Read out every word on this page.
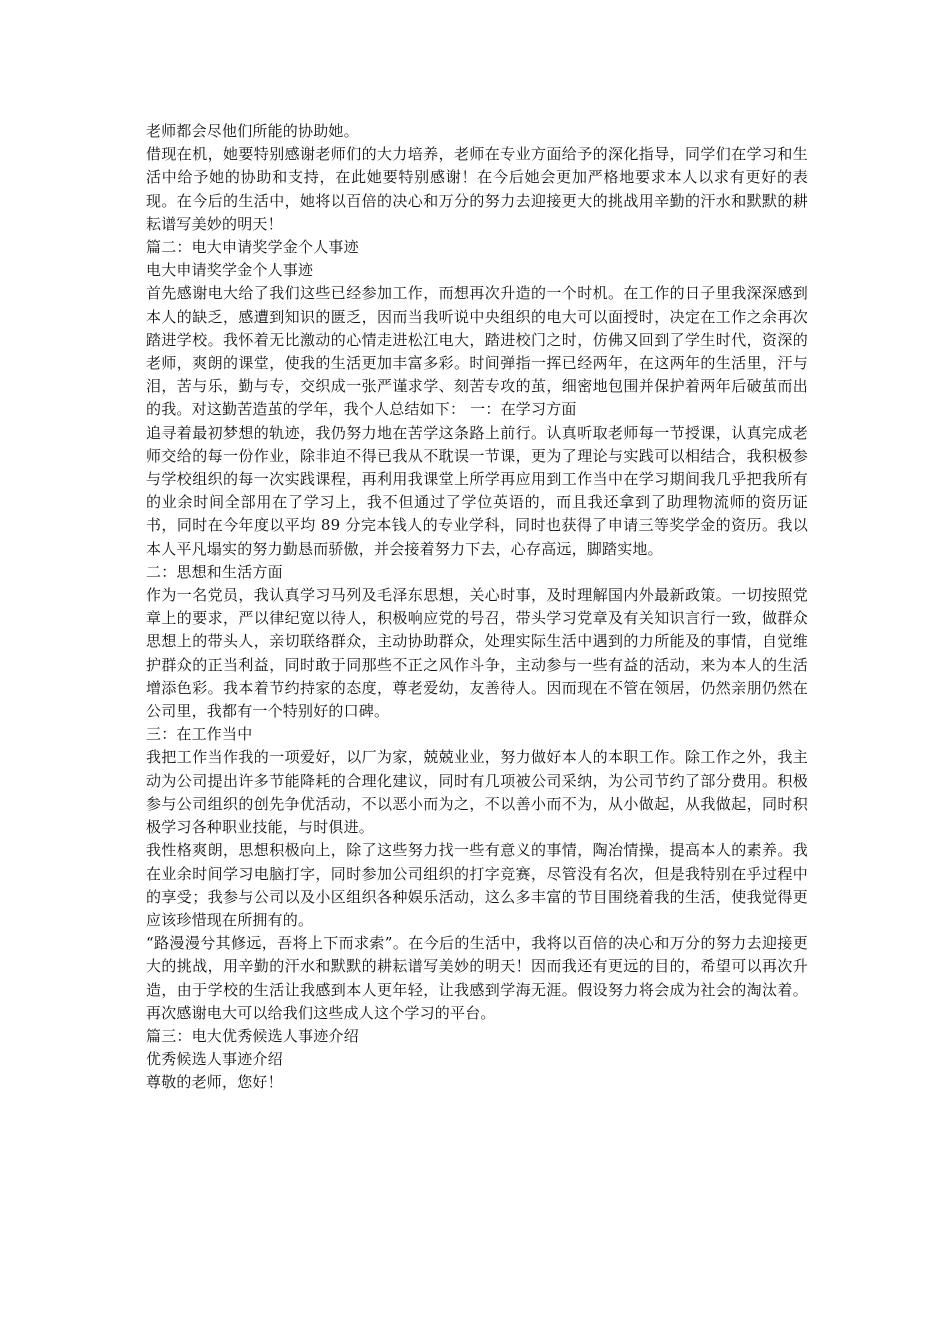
老师都会尽他们所能的协助她。

借现在机，她要特别感谢老师们的大力培养，老师在专业方面给予的深化指导，同学们在学习和生活中给予她的协助和支持，在此她要特别感谢！在今后她会更加严格地要求本人以求有更好的表现。在今后的生活中，她将以百倍的决心和万分的努力去迎接更大的挑战用辛勤的汗水和默默的耕耘谱写美妙的明天！

篇二：电大申请奖学金个人事迹

电大申请奖学金个人事迹

首先感谢电大给了我们这些已经参加工作，而想再次升造的一个时机。在工作的日子里我深深感到本人的缺乏，感遭到知识的匮乏，因而当我听说中央组织的电大可以面授时，决定在工作之余再次踏进学校。我怀着无比激动的心情走进松江电大，踏进校门之时，仿佛又回到了学生时代，资深的老师，爽朗的课堂，使我的生活更加丰富多彩。时间弹指一挥已经两年，在这两年的生活里，汗与泪，苦与乐，勤与专，交织成一张严谨求学、刻苦专攻的茧，细密地包围并保护着两年后破茧而出的我。对这勤苦造茧的学年，我个人总结如下： 一：在学习方面

追寻着最初梦想的轨迹，我仍努力地在苦学这条路上前行。认真听取老师每一节授课，认真完成老师交给的每一份作业，除非迫不得已我从不耽误一节课，更为了理论与实践可以相结合，我积极参与学校组织的每一次实践课程，再利用我课堂上所学再应用到工作当中在学习期间我几乎把我所有的业余时间全部用在了学习上，我不但通过了学位英语的，而且我还拿到了助理物流师的资历证书，同时在今年度以平均 89 分完本钱人的专业学科，同时也获得了申请三等奖学金的资历。我以本人平凡塌实的努力勤恳而骄傲，并会接着努力下去，心存高远，脚踏实地。

二：思想和生活方面

作为一名党员，我认真学习马列及毛泽东思想，关心时事，及时理解国内外最新政策。一切按照党章上的要求，严以律纪宽以待人，积极响应党的号召，带头学习党章及有关知识言行一致，做群众思想上的带头人，亲切联络群众，主动协助群众，处理实际生活中遇到的力所能及的事情，自觉维护群众的正当利益，同时敢于同那些不正之风作斗争，主动参与一些有益的活动，来为本人的生活增添色彩。我本着节约持家的态度，尊老爱幼，友善待人。因而现在不管在领居，仍然亲朋仍然在公司里，我都有一个特别好的口碑。

三：在工作当中

我把工作当作我的一项爱好，以厂为家，兢兢业业，努力做好本人的本职工作。除工作之外，我主动为公司提出许多节能降耗的合理化建议，同时有几项被公司采纳，为公司节约了部分费用。积极参与公司组织的创先争优活动，不以恶小而为之，不以善小而不为，从小做起，从我做起，同时积极学习各种职业技能，与时俱进。

我性格爽朗，思想积极向上，除了这些努力找一些有意义的事情，陶冶情操，提高本人的素养。我在业余时间学习电脑打字，同时参加公司组织的打字竞赛，尽管没有名次，但是我特别在乎过程中的享受；我参与公司以及小区组织各种娱乐活动，这么多丰富的节目围绕着我的生活，使我觉得更应该珍惜现在所拥有的。

“路漫漫兮其修远，吾将上下而求索”。在今后的生活中，我将以百倍的决心和万分的努力去迎接更大的挑战，用辛勤的汗水和默默的耕耘谱写美妙的明天！因而我还有更远的目的，希望可以再次升造，由于学校的生活让我感到本人更年轻，让我感到学海无涯。假设努力将会成为社会的淘汰着。再次感谢电大可以给我们这些成人这个学习的平台。

篇三：电大优秀候选人事迹介绍

优秀候选人事迹介绍

尊敬的老师，您好！
